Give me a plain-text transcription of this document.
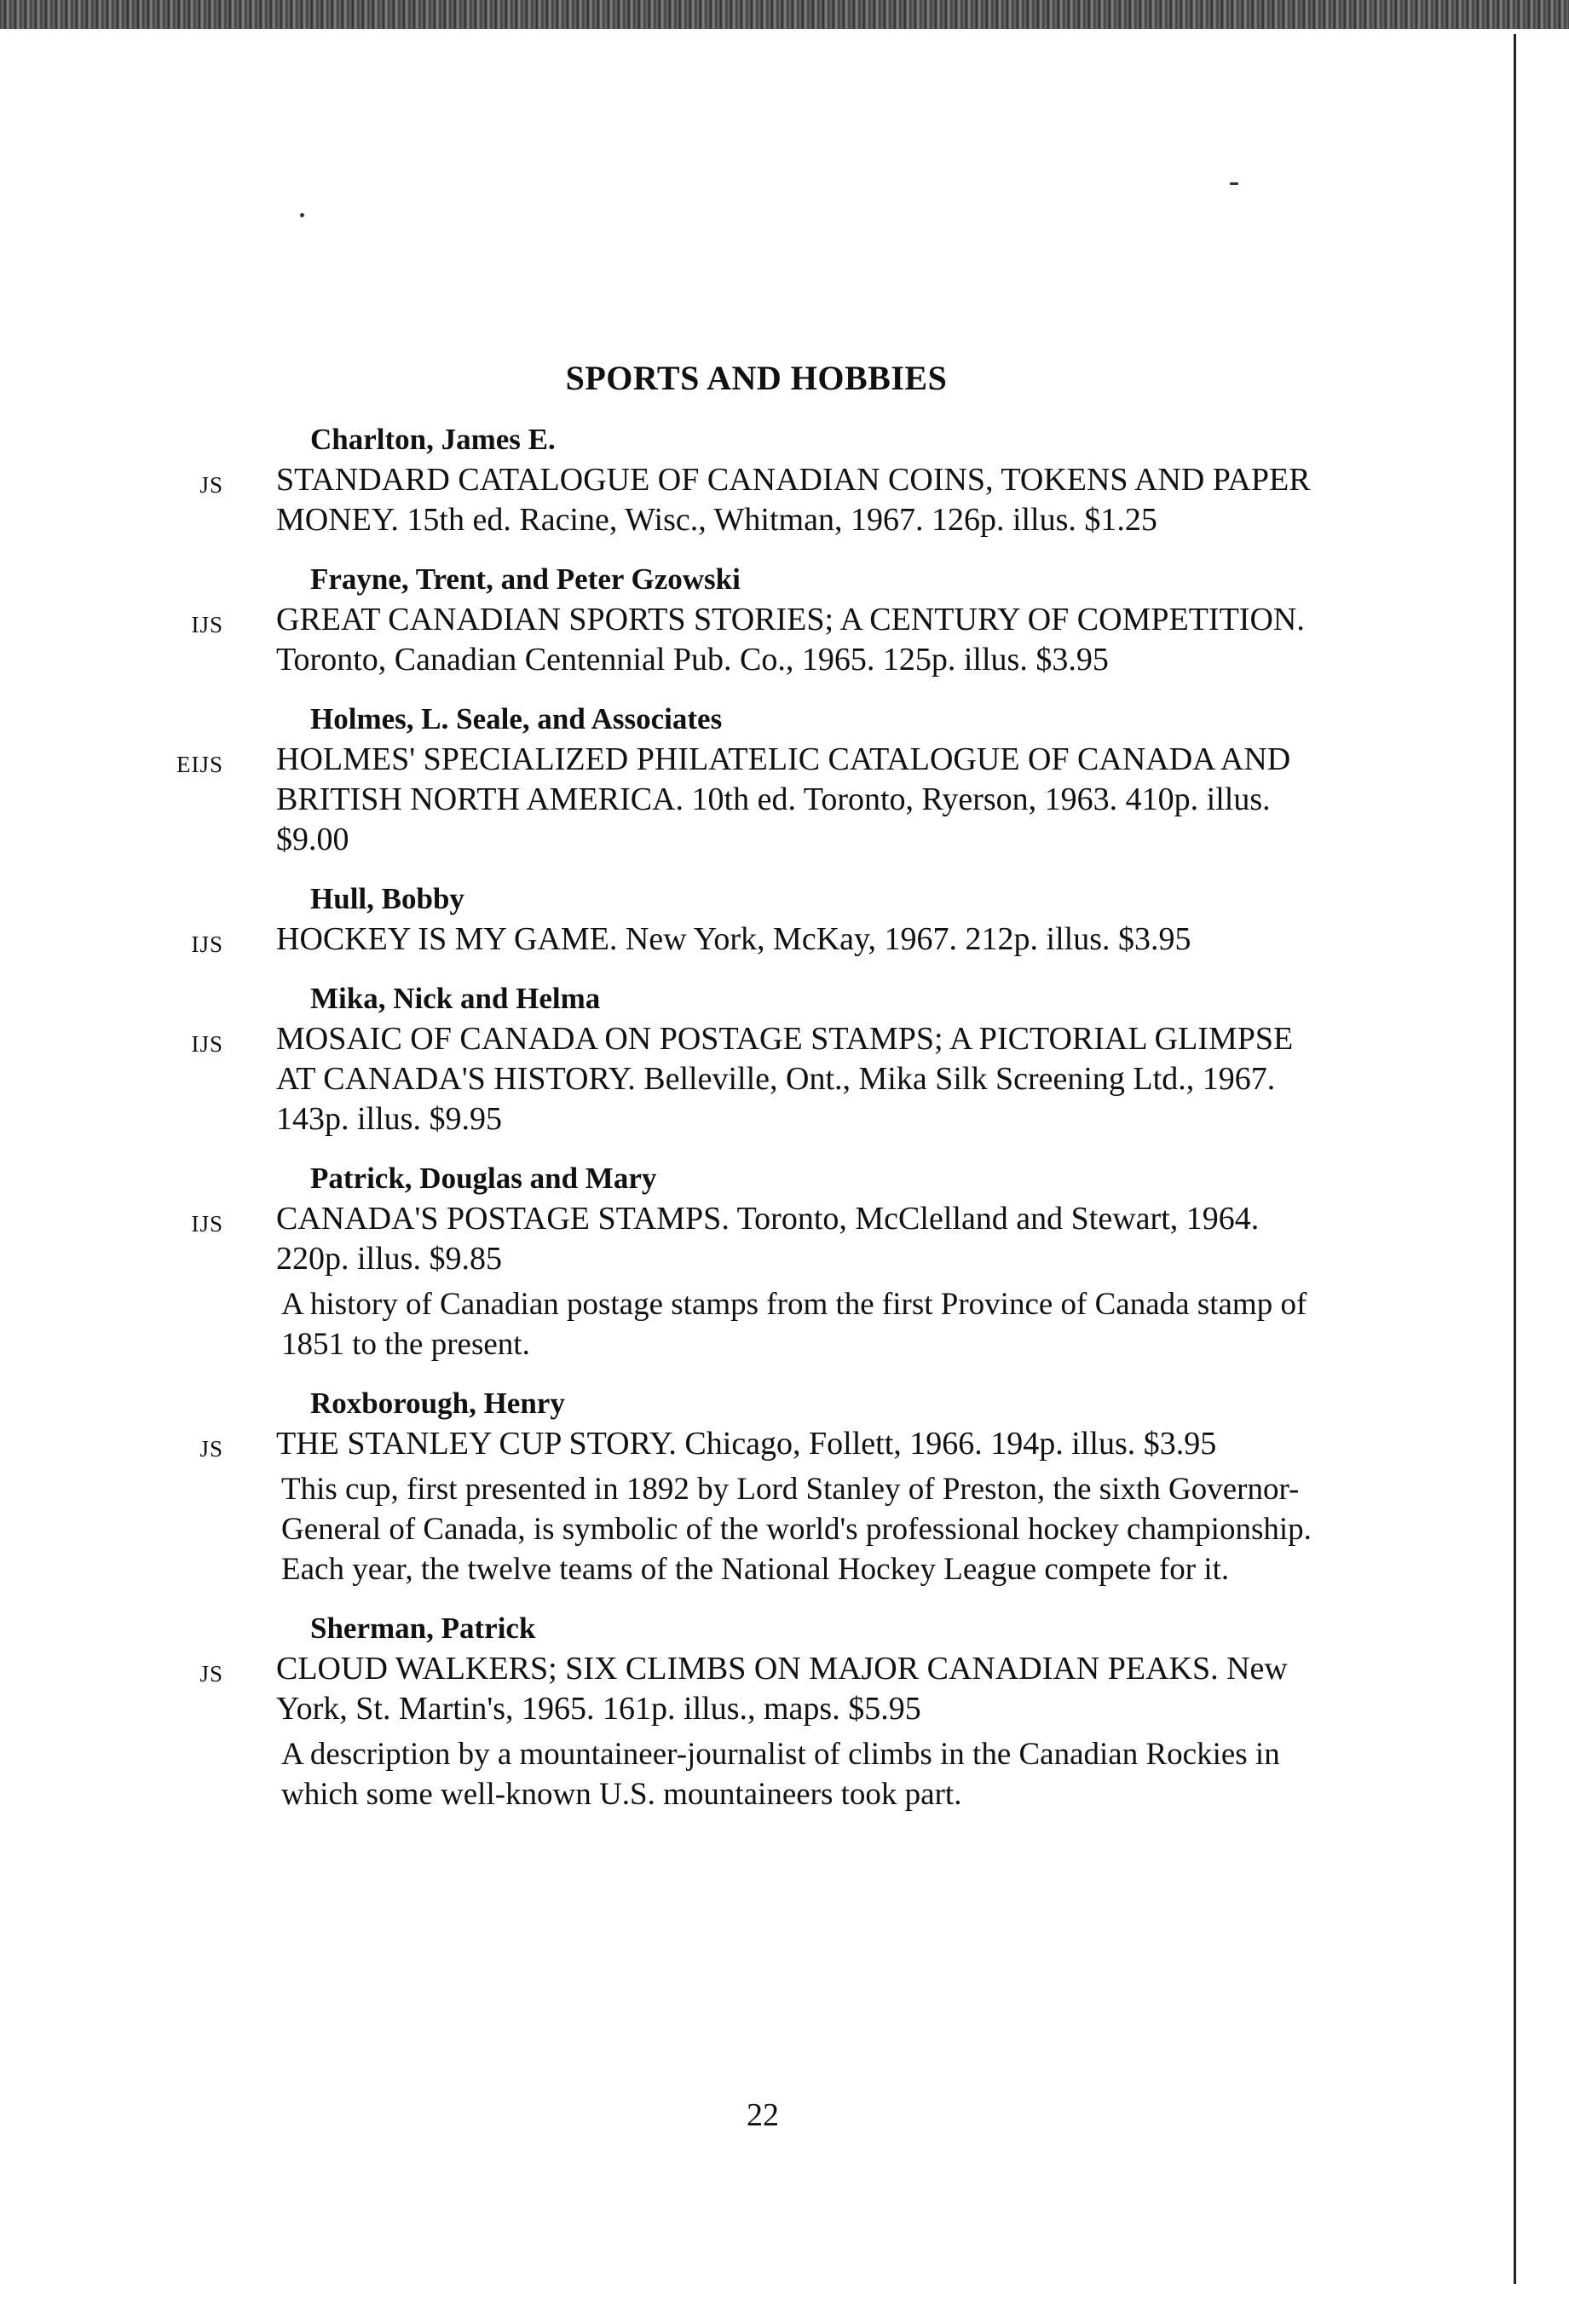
SPORTS AND HOBBIES
Charlton, James E.
JS STANDARD CATALOGUE OF CANADIAN COINS, TOKENS AND PAPER MONEY. 15th ed. Racine, Wisc., Whitman, 1967. 126p. illus. $1.25
Frayne, Trent, and Peter Gzowski
IJS GREAT CANADIAN SPORTS STORIES; A CENTURY OF COMPETITION. Toronto, Canadian Centennial Pub. Co., 1965. 125p. illus. $3.95
Holmes, L. Seale, and Associates
EIJS HOLMES' SPECIALIZED PHILATELIC CATALOGUE OF CANADA AND BRITISH NORTH AMERICA. 10th ed. Toronto, Ryerson, 1963. 410p. illus. $9.00
Hull, Bobby
IJS HOCKEY IS MY GAME. New York, McKay, 1967. 212p. illus. $3.95
Mika, Nick and Helma
IJS MOSAIC OF CANADA ON POSTAGE STAMPS; A PICTORIAL GLIMPSE AT CANADA'S HISTORY. Belleville, Ont., Mika Silk Screening Ltd., 1967. 143p. illus. $9.95
Patrick, Douglas and Mary
IJS CANADA'S POSTAGE STAMPS. Toronto, McClelland and Stewart, 1964. 220p. illus. $9.85
A history of Canadian postage stamps from the first Province of Canada stamp of 1851 to the present.
Roxborough, Henry
JS THE STANLEY CUP STORY. Chicago, Follett, 1966. 194p. illus. $3.95
This cup, first presented in 1892 by Lord Stanley of Preston, the sixth Governor-General of Canada, is symbolic of the world's professional hockey championship. Each year, the twelve teams of the National Hockey League compete for it.
Sherman, Patrick
JS CLOUD WALKERS; SIX CLIMBS ON MAJOR CANADIAN PEAKS. New York, St. Martin's, 1965. 161p. illus., maps. $5.95
A description by a mountaineer-journalist of climbs in the Canadian Rockies in which some well-known U.S. mountaineers took part.
22
